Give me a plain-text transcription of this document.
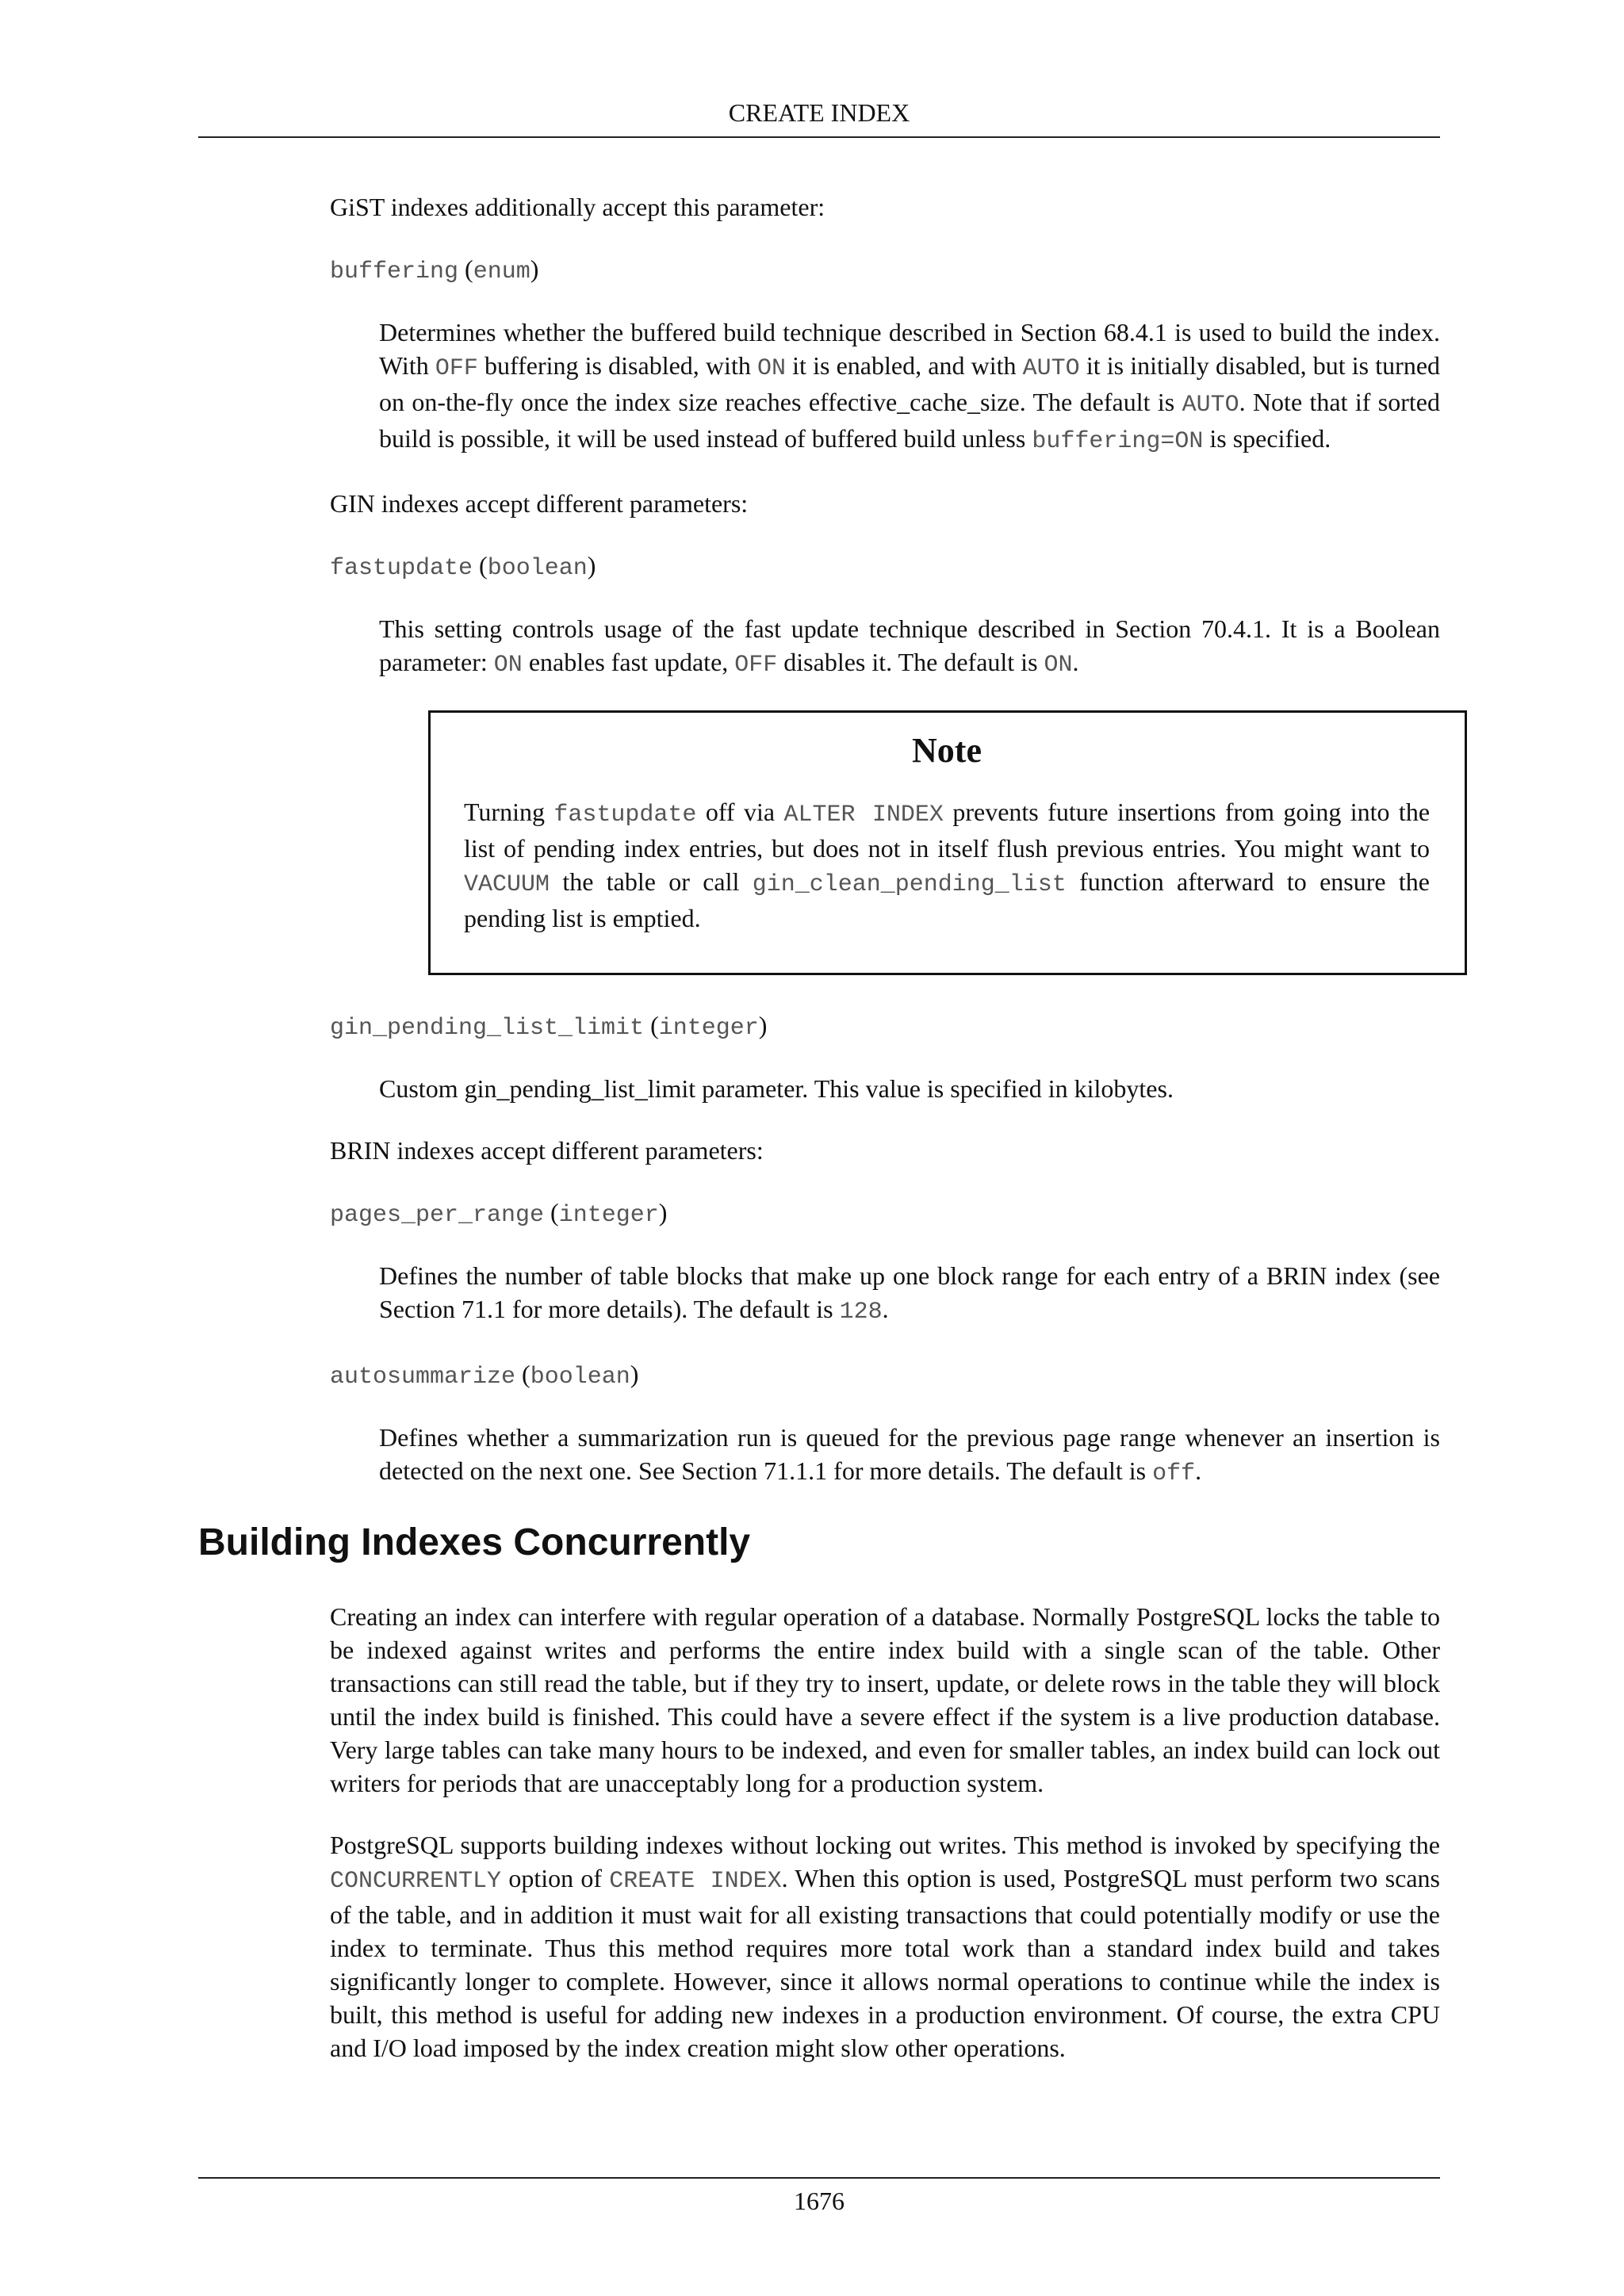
CREATE INDEX

GiST indexes additionally accept this parameter:

buffering (enum)

Determines whether the buffered build technique described in Section 68.4.1 is used to build the index. With OFF buffering is disabled, with ON it is enabled, and with AUTO it is initially disabled, but is turned on on-the-fly once the index size reaches effective_cache_size. The default is AUTO. Note that if sorted build is possible, it will be used instead of buffered build unless buffering=ON is specified.

GIN indexes accept different parameters:

fastupdate (boolean)

This setting controls usage of the fast update technique described in Section 70.4.1. It is a Boolean parameter: ON enables fast update, OFF disables it. The default is ON.

Note

Turning fastupdate off via ALTER INDEX prevents future insertions from going into the list of pending index entries, but does not in itself flush previous entries. You might want to VACUUM the table or call gin_clean_pending_list function afterward to ensure the pending list is emptied.

gin_pending_list_limit (integer)

Custom gin_pending_list_limit parameter. This value is specified in kilobytes.

BRIN indexes accept different parameters:

pages_per_range (integer)

Defines the number of table blocks that make up one block range for each entry of a BRIN index (see Section 71.1 for more details). The default is 128.

autosummarize (boolean)

Defines whether a summarization run is queued for the previous page range whenever an insertion is detected on the next one. See Section 71.1.1 for more details. The default is off.

Building Indexes Concurrently

Creating an index can interfere with regular operation of a database. Normally PostgreSQL locks the table to be indexed against writes and performs the entire index build with a single scan of the table. Other transactions can still read the table, but if they try to insert, update, or delete rows in the table they will block until the index build is finished. This could have a severe effect if the system is a live production database. Very large tables can take many hours to be indexed, and even for smaller tables, an index build can lock out writers for periods that are unacceptably long for a production system.

PostgreSQL supports building indexes without locking out writes. This method is invoked by specifying the CONCURRENTLY option of CREATE INDEX. When this option is used, PostgreSQL must perform two scans of the table, and in addition it must wait for all existing transactions that could potentially modify or use the index to terminate. Thus this method requires more total work than a standard index build and takes significantly longer to complete. However, since it allows normal operations to continue while the index is built, this method is useful for adding new indexes in a production environment. Of course, the extra CPU and I/O load imposed by the index creation might slow other operations.

1676
